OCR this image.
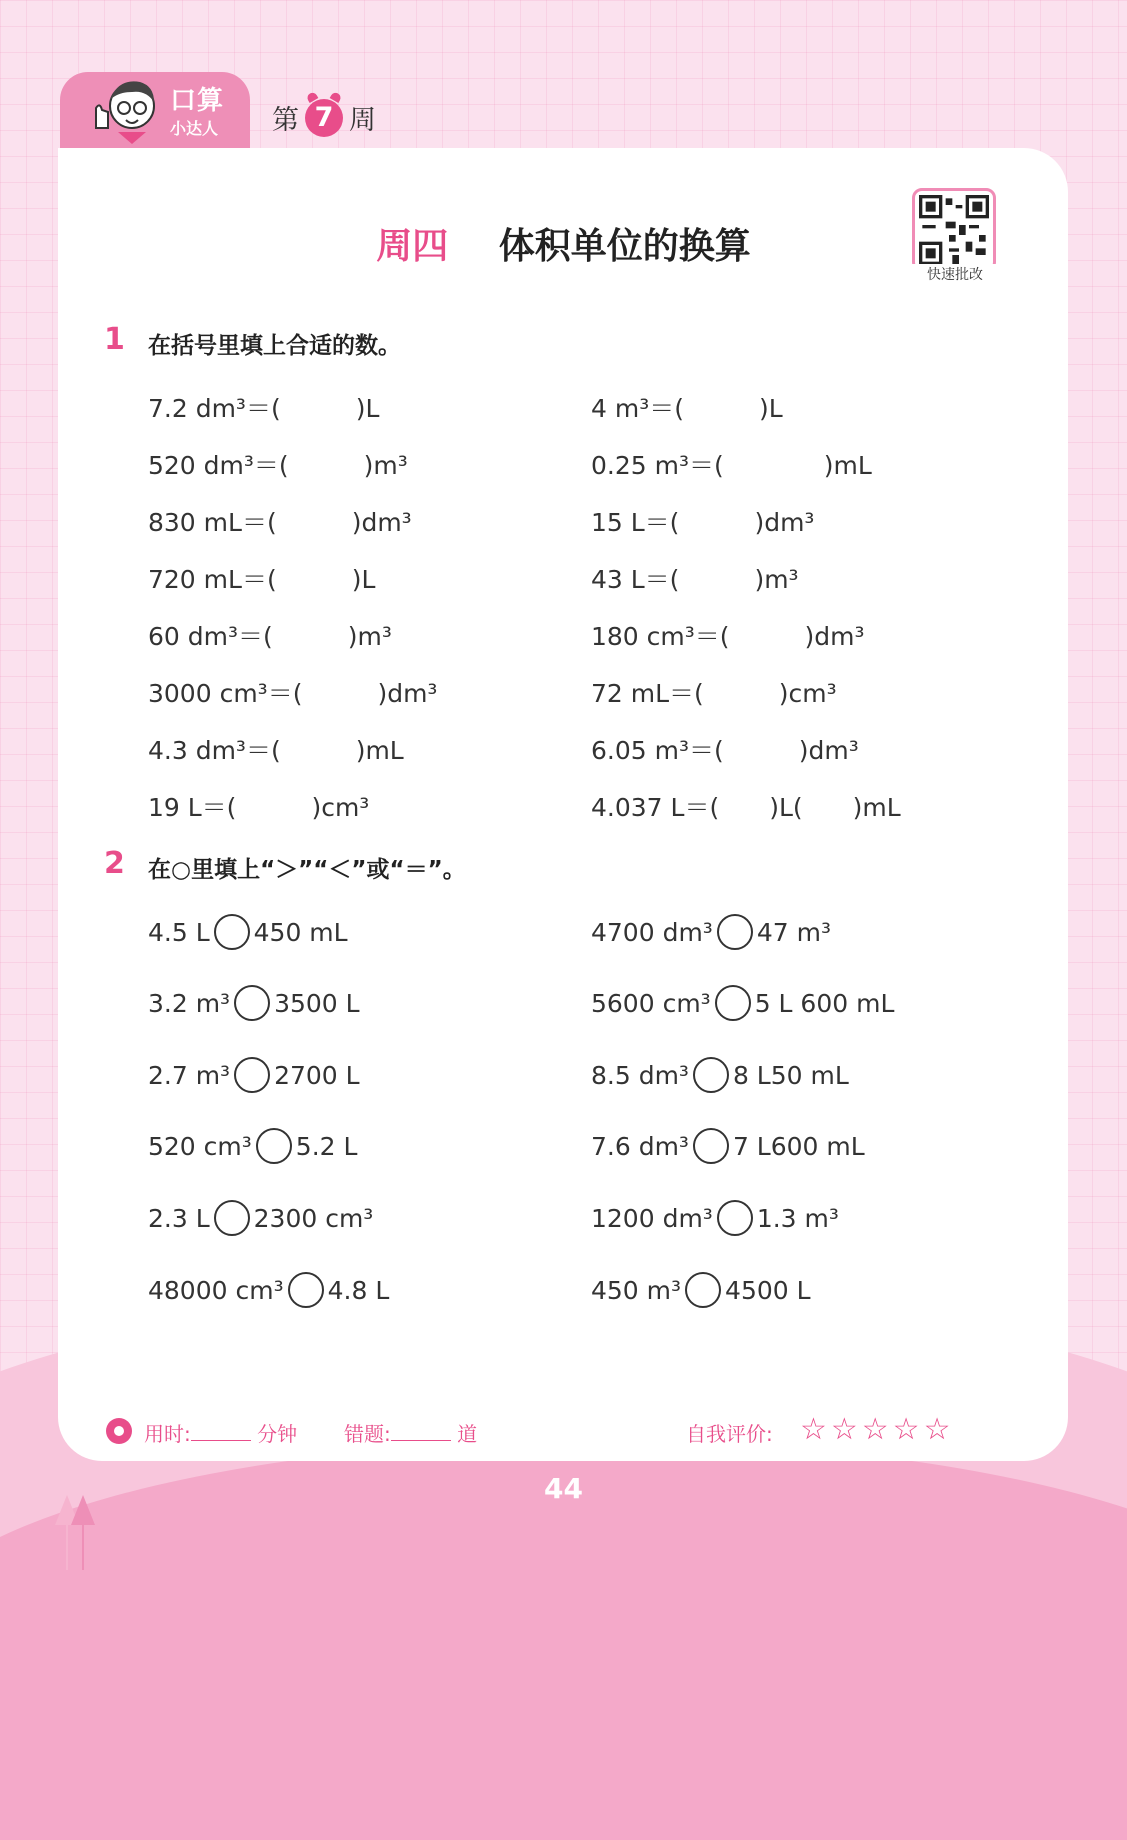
口算
小达人 第 7 周
周四 体积单位的换算
快速批改
1 在括号里填上合适的数。
7.2 dm³＝(　　　)L
520 dm³＝(　　　)m³
830 mL＝(　　　)dm³
720 mL＝(　　　)L
60 dm³＝(　　　)m³
3000 cm³＝(　　　)dm³
4.3 dm³＝(　　　)mL
19 L＝(　　　)cm³
4 m³＝(　　　)L
0.25 m³＝(　　　　)mL
15 L＝(　　　)dm³
43 L＝(　　　)m³
180 cm³＝(　　　)dm³
72 mL＝(　　　)cm³
6.05 m³＝(　　　)dm³
4.037 L＝(　　)L(　　)mL
2 在○里填上“＞”“＜”或“＝”。
4.5 L 450 mL
3.2 m³ 3500 L
2.7 m³ 2700 L
520 cm³ 5.2 L
2.3 L 2300 cm³
48000 cm³ 4.8 L
4700 dm³ 47 m³
5600 cm³ 5 L 600 mL
8.5 dm³ 8 L50 mL
7.6 dm³ 7 L600 mL
1200 dm³ 1.3 m³
450 m³ 4500 L
用时:	分钟 错题:	道	自我评价: ☆☆☆☆☆
44
